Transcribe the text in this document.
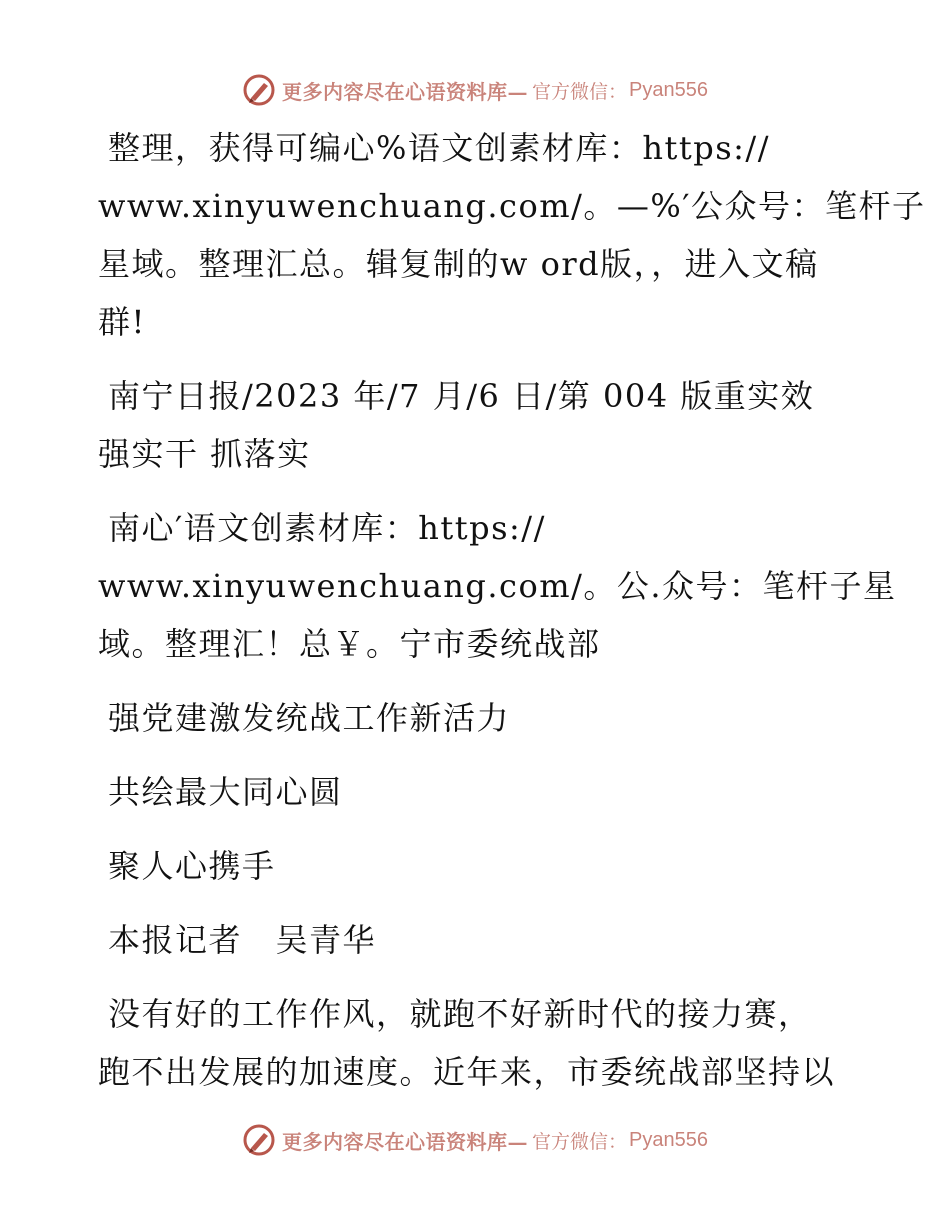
更多内容尽在心语资料库— 官方微信： Pyan556
整理，获得可编心%语文创素材库：https://
www.xinyuwenchuang.com/。—%′公众号：笔杆子
星域。整理汇总。辑复制的w ord版，，进入文稿
群!
南宁日报/2023 年/7 月/6 日/第 004 版重实效
强实干 抓落实
南心′语文创素材库：https://
www.xinyuwenchuang.com/。公.众号：笔杆子星
域。整理汇！总￥。宁市委统战部
强党建激发统战工作新活力
共绘最大同心圆
聚人心携手
本报记者　吴青华
没有好的工作作风，就跑不好新时代的接力赛，
跑不出发展的加速度。近年来，市委统战部坚持以
更多内容尽在心语资料库— 官方微信： Pyan556
